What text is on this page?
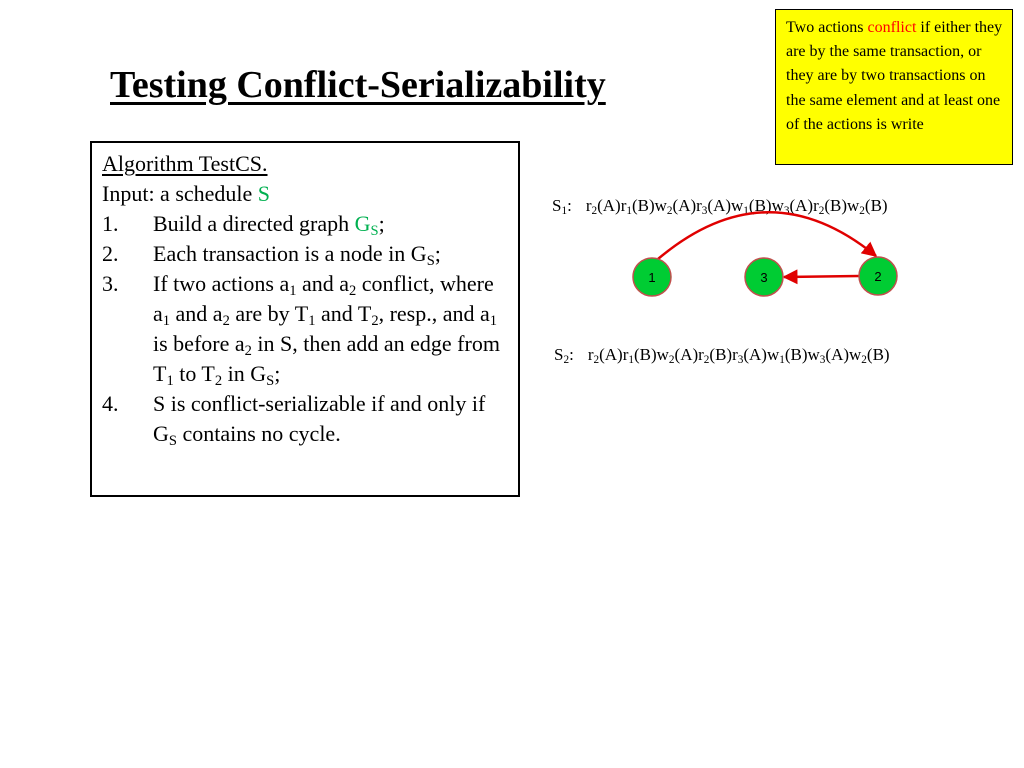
Testing Conflict-Serializability
Two actions conflict if either they are by the same transaction, or they are by two transactions on the same element and at least one of the actions is write
Algorithm TestCS.
Input: a schedule S
1.	Build a directed graph $G_S$;
2.	Each transaction is a node in $G_S$;
3.	If two actions $a_1$ and $a_2$ conflict, where $a_1$ and $a_2$ are by $T_1$ and $T_2$, resp., and $a_1$ is before $a_2$ in S, then add an edge from $T_1$ to $T_2$ in $G_S$;
4.	S is conflict-serializable if and only if $G_S$ contains no cycle.
$S_1$: $r_2(A)r_1(B)w_2(A)r_3(A)w_1(B)w_3(A)r_2(B)w_2(B)$
$S_2$: $r_2(A)r_1(B)w_2(A)r_2(B)r_3(A)w_1(B)w_3(A)w_2(B)$
1	3	2
